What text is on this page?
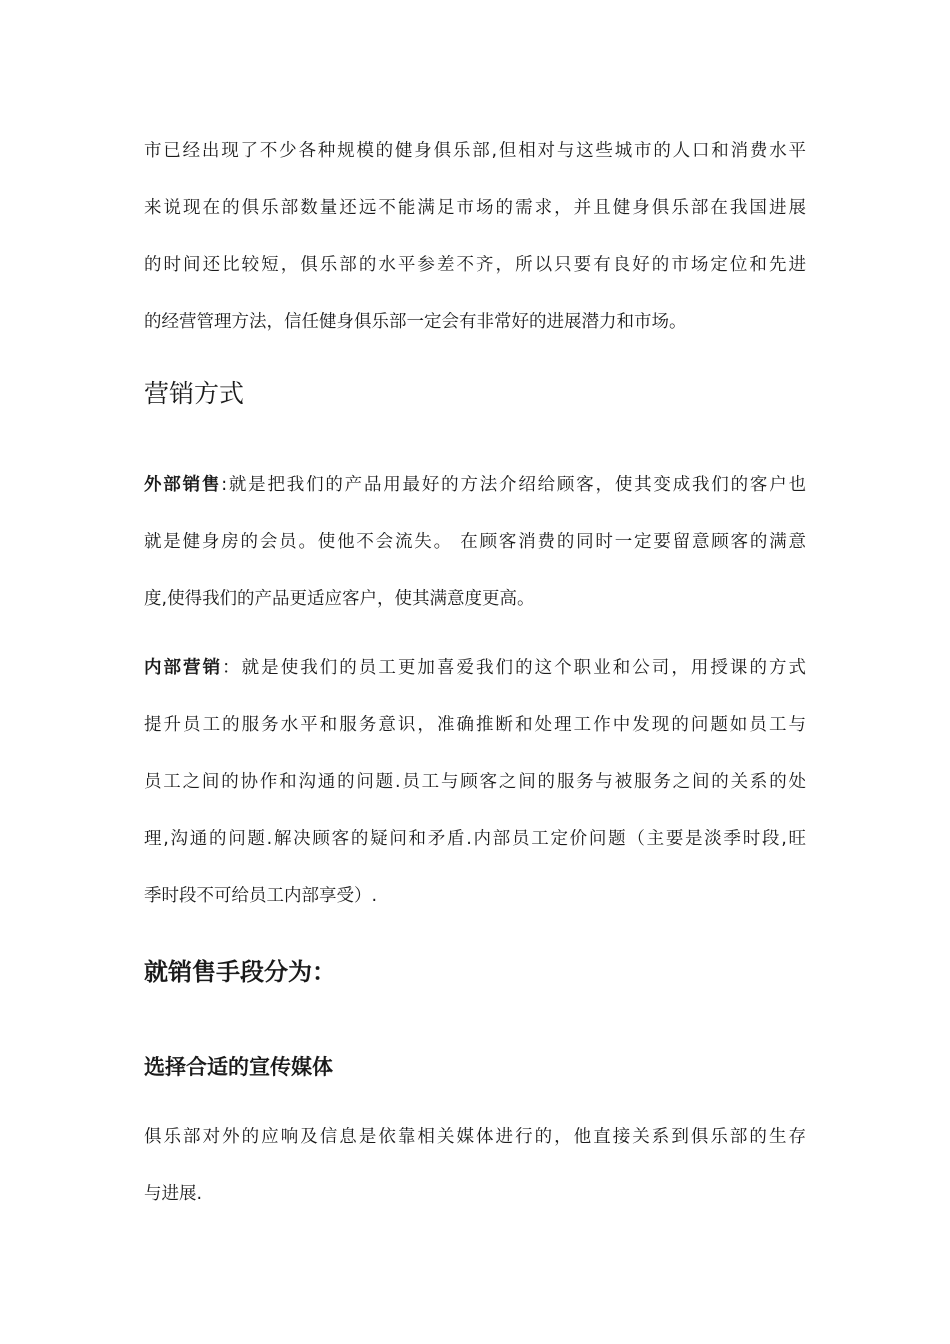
市已经出现了不少各种规模的健身俱乐部,但相对与这些城市的人口和消费水平
来说现在的俱乐部数量还远不能满足市场的需求，并且健身俱乐部在我国进展
的时间还比较短，俱乐部的水平参差不齐，所以只要有良好的市场定位和先进
的经营管理方法，信任健身俱乐部一定会有非常好的进展潜力和市场。
营销方式
外部销售:就是把我们的产品用最好的方法介绍给顾客，使其变成我们的客户也
就是健身房的会员。使他不会流失。 在顾客消费的同时一定要留意顾客的满意
度,使得我们的产品更适应客户，使其满意度更高。
内部营销：就是使我们的员工更加喜爱我们的这个职业和公司，用授课的方式
提升员工的服务水平和服务意识，准确推断和处理工作中发现的问题如员工与
员工之间的协作和沟通的问题.员工与顾客之间的服务与被服务之间的关系的处
理,沟通的问题.解决顾客的疑问和矛盾.内部员工定价问题（主要是淡季时段,旺
季时段不可给员工内部享受）.
就销售手段分为：
选择合适的宣传媒体
俱乐部对外的应响及信息是依靠相关媒体进行的，他直接关系到俱乐部的生存
与进展.
